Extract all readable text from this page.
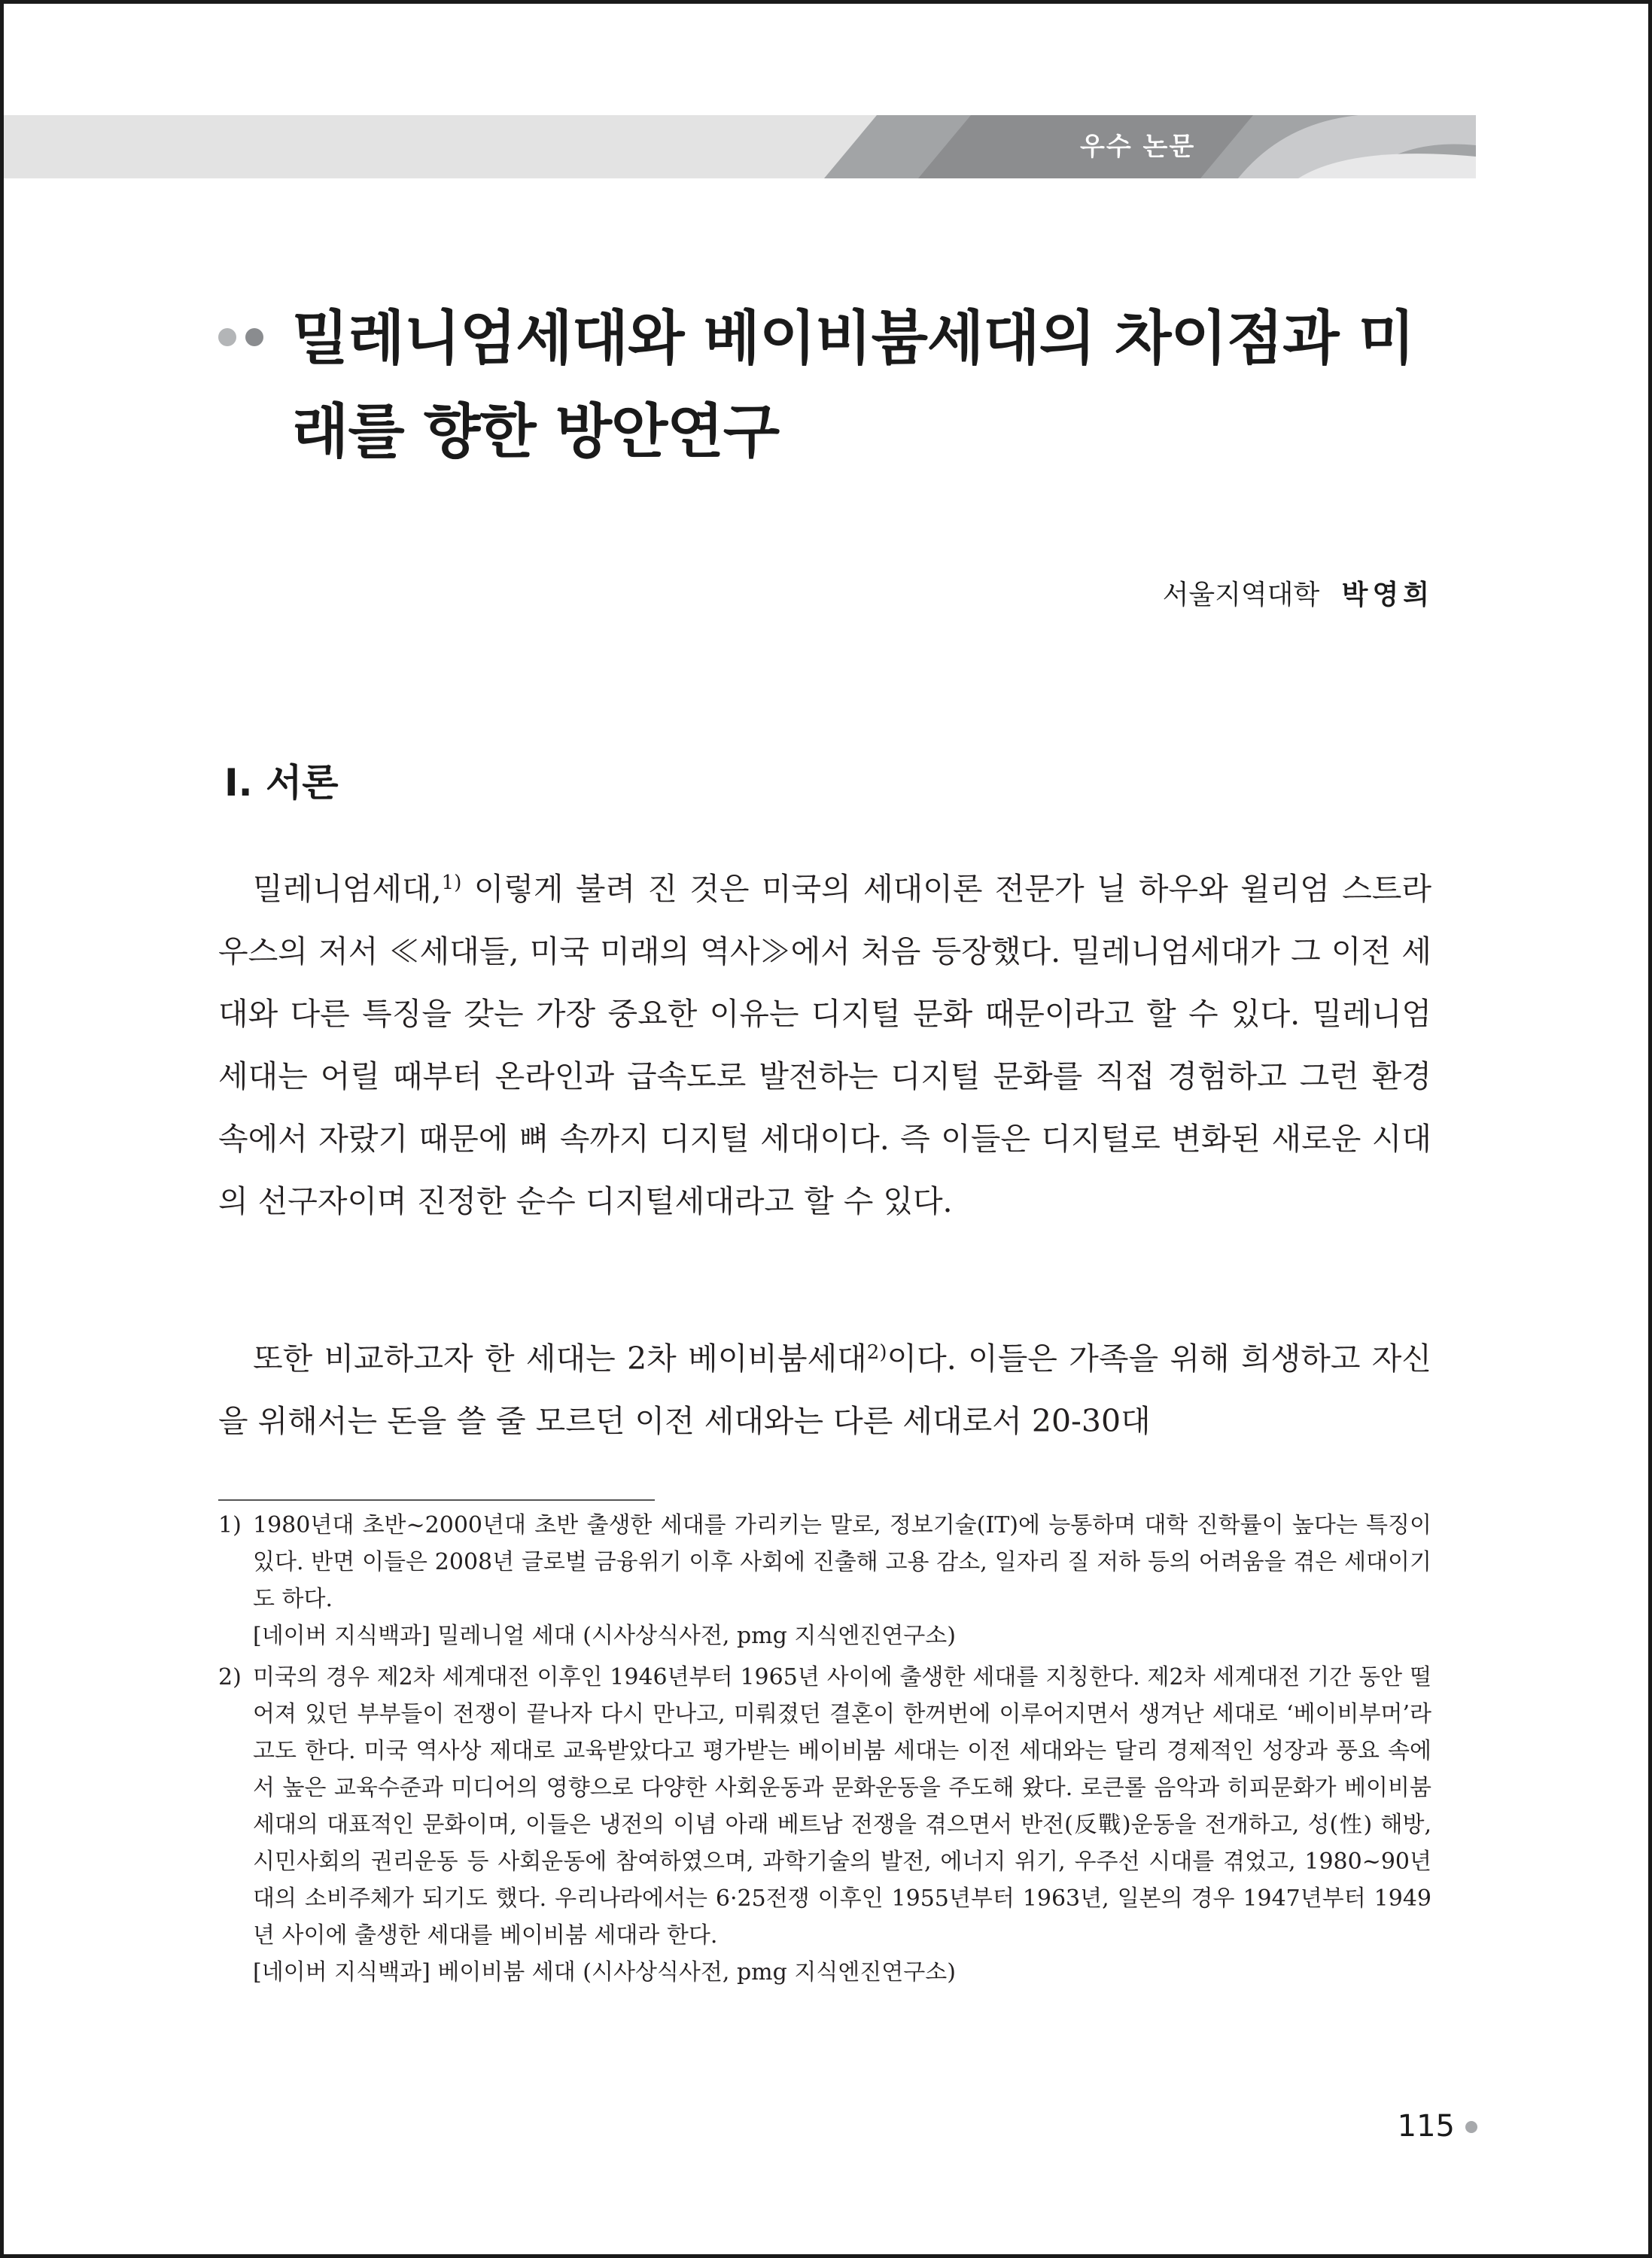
우수 논문
밀레니엄세대와 베이비붐세대의 차이점과 미래를 향한 방안연구
서울지역대학 박영희
Ⅰ. 서론

밀레니엄세대,$^{1)}$ 이렇게 불려 진 것은 미국의 세대이론 전문가 닐 하우와 윌리엄 스트라우스의 저서 ≪세대들, 미국 미래의 역사≫에서 처음 등장했다. 밀레니엄세대가 그 이전 세대와 다른 특징을 갖는 가장 중요한 이유는 디지털 문화 때문이라고 할 수 있다. 밀레니엄 세대는 어릴 때부터 온라인과 급속도로 발전하는 디지털 문화를 직접 경험하고 그런 환경 속에서 자랐기 때문에 뼈 속까지 디지털 세대이다. 즉 이들은 디지털로 변화된 새로운 시대의 선구자이며 진정한 순수 디지털세대라고 할 수 있다.

또한 비교하고자 한 세대는 2차 베이비붐세대$^{2)}$이다. 이들은 가족을 위해 희생하고 자신을 위해서는 돈을 쓸 줄 모르던 이전 세대와는 다른 세대로서 20-30대

1) 1980년대 초반~2000년대 초반 출생한 세대를 가리키는 말로, 정보기술(IT)에 능통하며 대학 진학률이 높다는 특징이 있다. 반면 이들은 2008년 글로벌 금융위기 이후 사회에 진출해 고용 감소, 일자리 질 저하 등의 어려움을 겪은 세대이기도 하다.
[네이버 지식백과] 밀레니얼 세대 (시사상식사전, pmg 지식엔진연구소)

2) 미국의 경우 제2차 세계대전 이후인 1946년부터 1965년 사이에 출생한 세대를 지칭한다. 제2차 세계대전 기간 동안 떨어져 있던 부부들이 전쟁이 끝나자 다시 만나고, 미뤄졌던 결혼이 한꺼번에 이루어지면서 생겨난 세대로 ‘베이비부머’라고도 한다. 미국 역사상 제대로 교육받았다고 평가받는 베이비붐 세대는 이전 세대와는 달리 경제적인 성장과 풍요 속에서 높은 교육수준과 미디어의 영향으로 다양한 사회운동과 문화운동을 주도해 왔다. 로큰롤 음악과 히피문화가 베이비붐 세대의 대표적인 문화이며, 이들은 냉전의 이념 아래 베트남 전쟁을 겪으면서 반전(反戰)운동을 전개하고, 성(性) 해방, 시민사회의 권리운동 등 사회운동에 참여하였으며, 과학기술의 발전, 에너지 위기, 우주선 시대를 겪었고, 1980~90년대의 소비주체가 되기도 했다. 우리나라에서는 6·25전쟁 이후인 1955년부터 1963년, 일본의 경우 1947년부터 1949년 사이에 출생한 세대를 베이비붐 세대라 한다.
[네이버 지식백과] 베이비붐 세대 (시사상식사전, pmg 지식엔진연구소)

115
